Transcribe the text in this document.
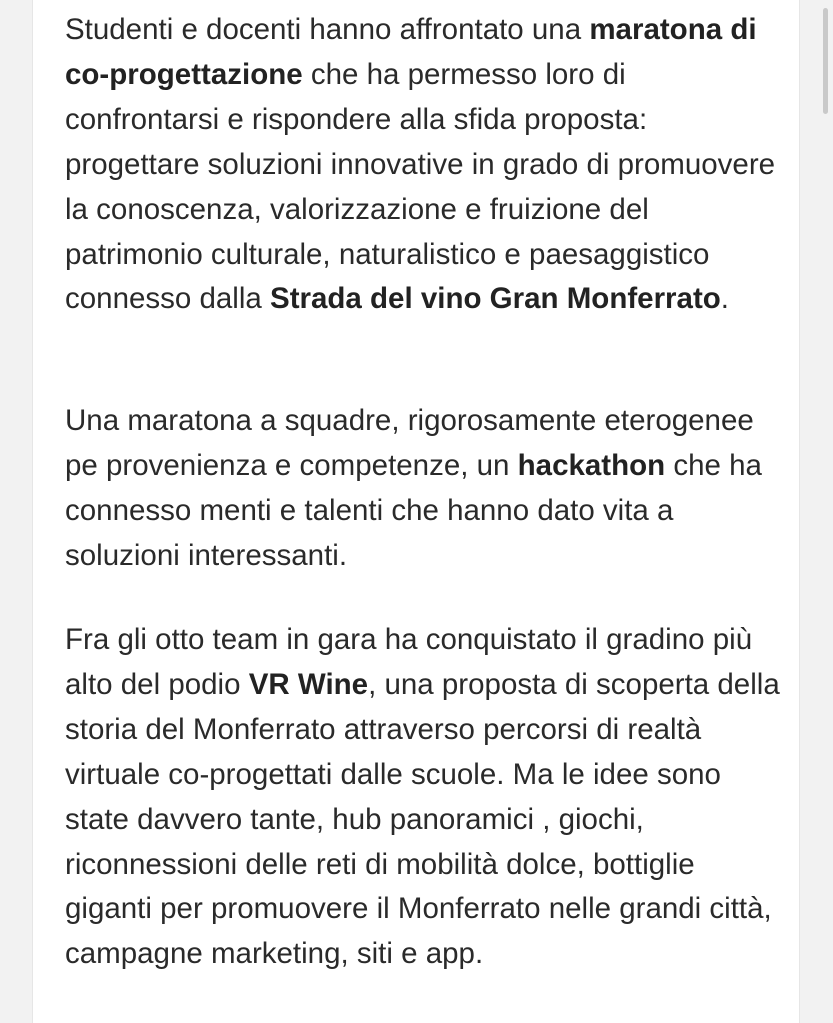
Studenti e docenti hanno affrontato una maratona di co-progettazione che ha permesso loro di confrontarsi e rispondere alla sfida proposta: progettare soluzioni innovative in grado di promuovere la conoscenza, valorizzazione e fruizione del patrimonio culturale, naturalistico e paesaggistico connesso dalla Strada del vino Gran Monferrato.

Una maratona a squadre, rigorosamente eterogenee pe provenienza e competenze, un hackathon che ha connesso menti e talenti che hanno dato vita a soluzioni interessanti.

Fra gli otto team in gara ha conquistato il gradino più alto del podio VR Wine, una proposta di scoperta della storia del Monferrato attraverso percorsi di realtà virtuale co-progettati dalle scuole. Ma le idee sono state davvero tante, hub panoramici , giochi, riconnessioni delle reti di mobilità dolce, bottiglie giganti per promuovere il Monferrato nelle grandi città, campagne marketing, siti e app.
